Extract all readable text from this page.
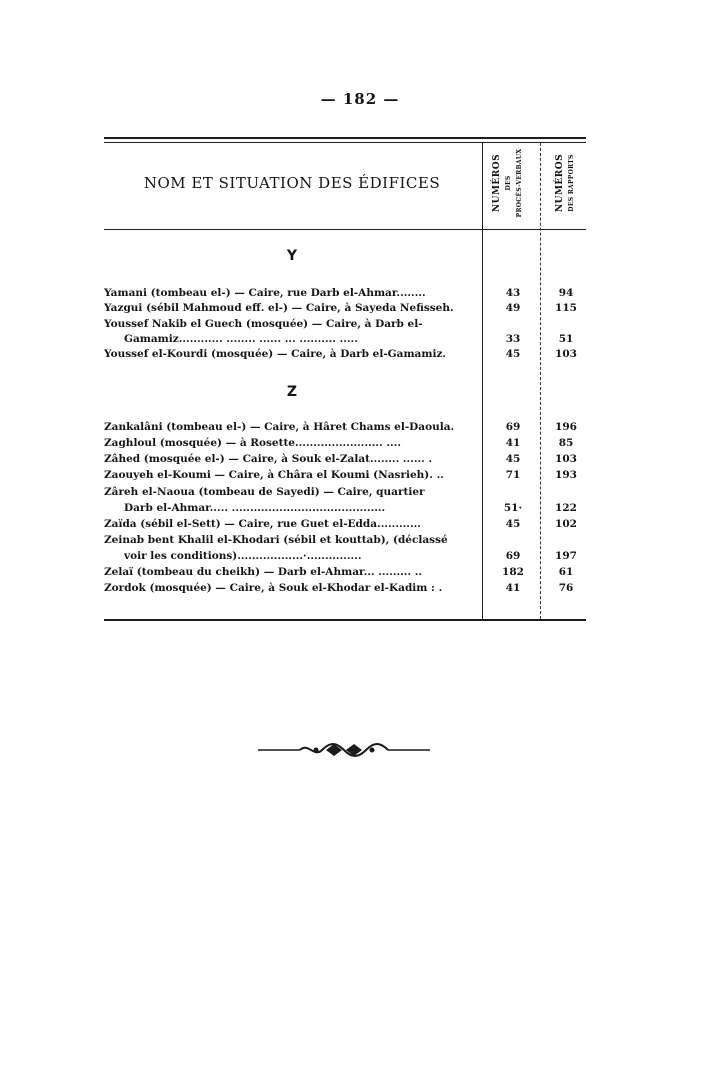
— 182 —
NOM ET SITUATION DES ÉDIFICES	NUMÉROS DES PROCÈS-VERBAUX	NUMÉROS DES RAPPORTS
Y
Yamani (tombeau el-) — Caire, rue Darb el-Ahmar........	43	94
Yazgui (sébil Mahmoud eff. el-) — Caire, à Sayeda Nefisseh.	49	115
Youssef Nakib el Guech (mosquée) — Caire, à Darb el-
Gamamiz............ ........ ...... ... .......... .....	33	51
Youssef el-Kourdi (mosquée) — Caire, à Darb el-Gamamiz.	45	103
Z
Zankalâni (tombeau el-) — Caire, à Hâret Chams el-Daoula.	69	196
Zaghloul (mosquée) — à Rosette........................ ....	41	85
Zâhed (mosquée el-) — Caire, à Souk el-Zalat........ ...... .	45	103
Zaouyeh el-Koumi — Caire, à Châra el Koumi (Nasrieh). ..	71	193
Zâreh el-Naoua (tombeau de Sayedi) — Caire, quartier
Darb el-Ahmar..... ..........................................	51·	122
Zaïda (sébil el-Sett) — Caire, rue Guet el-Edda............	45	102
Zeinab bent Khalil el-Khodari (sébil et kouttab), (déclassé
voir les conditions)..................·...............	69	197
Zelaï (tombeau du cheikh) — Darb el-Ahmar... ......... ..	182	61
Zordok (mosquée) — Caire, à Souk el-Khodar el-Kadim : .	41	76
